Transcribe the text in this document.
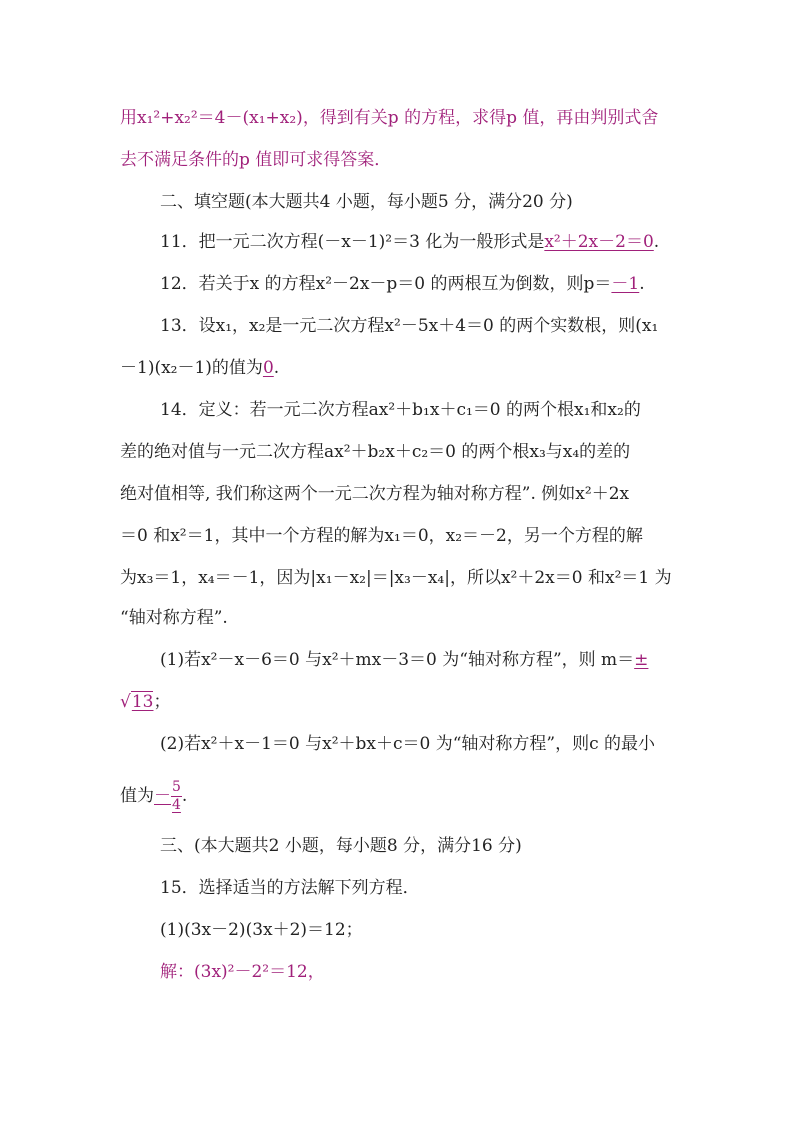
用x₁²+x₂²＝4－(x₁+x₂)，得到有关p 的方程，求得p 值，再由判别式舍
去不满足条件的p 值即可求得答案．
二、填空题(本大题共4 小题，每小题5 分，满分20 分)
11．把一元二次方程(－x－1)²＝3 化为一般形式是x²＋2x－2＝0.
12．若关于x 的方程x²－2x－p＝0 的两根互为倒数，则p＝－1.
13．设x₁，x₂是一元二次方程x²－5x＋4＝0 的两个实数根，则(x₁
－1)(x₂－1)的值为0.
14．定义：若一元二次方程ax²＋b₁x＋c₁＝0 的两个根x₁和x₂的
差的绝对值与一元二次方程ax²＋b₂x＋c₂＝0 的两个根x₃与x₄的差的
绝对值相等, 我们称这两个一元二次方程为轴对称方程”. 例如x²＋2x
＝0 和x²＝1，其中一个方程的解为x₁＝0，x₂＝－2，另一个方程的解
为x₃＝1，x₄＝－1，因为|x₁－x₂|＝|x₃－x₄|，所以x²＋2x＝0 和x²＝1 为
“轴对称方程”.
(1)若x²－x－6＝0 与x²＋mx－3＝0 为“轴对称方程”，则 m＝±
√13；
(2)若x²＋x－1＝0 与x²＋bx＋c＝0 为“轴对称方程”，则c 的最小
值为－ $\frac{5}{4}$ .
三、(本大题共2 小题，每小题8 分，满分16 分)
15．选择适当的方法解下列方程．
(1)(3x－2)(3x＋2)＝12；
解：(3x)²－2²＝12，
